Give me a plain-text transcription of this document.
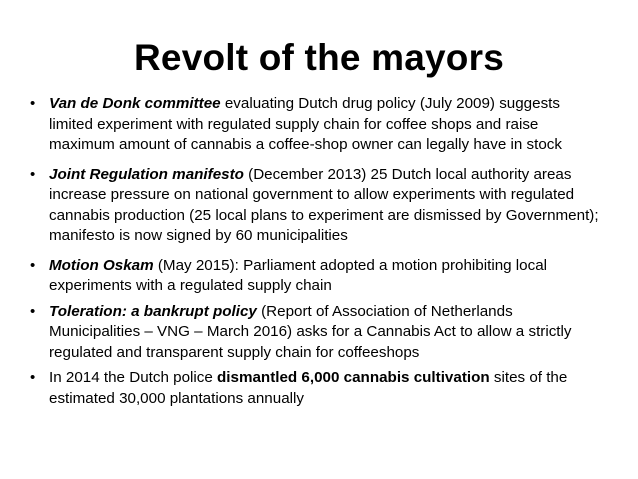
Revolt of the mayors
• Van de Donk committee evaluating Dutch drug policy (July 2009) suggests limited experiment with regulated supply chain for coffee shops and raise maximum amount of cannabis a coffee-shop owner can legally have in stock
• Joint Regulation manifesto (December 2013) 25 Dutch local authority areas increase pressure on national government to allow experiments with regulated cannabis production (25 local plans to experiment are dismissed by Government); manifesto is now signed by 60 municipalities
• Motion Oskam (May 2015): Parliament adopted a motion prohibiting local experiments with a regulated supply chain
• Toleration: a bankrupt policy (Report of Association of Netherlands Municipalities – VNG – March 2016) asks for a Cannabis Act to allow a strictly regulated and transparent supply chain for coffeeshops
• In 2014 the Dutch police dismantled 6,000 cannabis cultivation sites of the estimated 30,000 plantations annually
